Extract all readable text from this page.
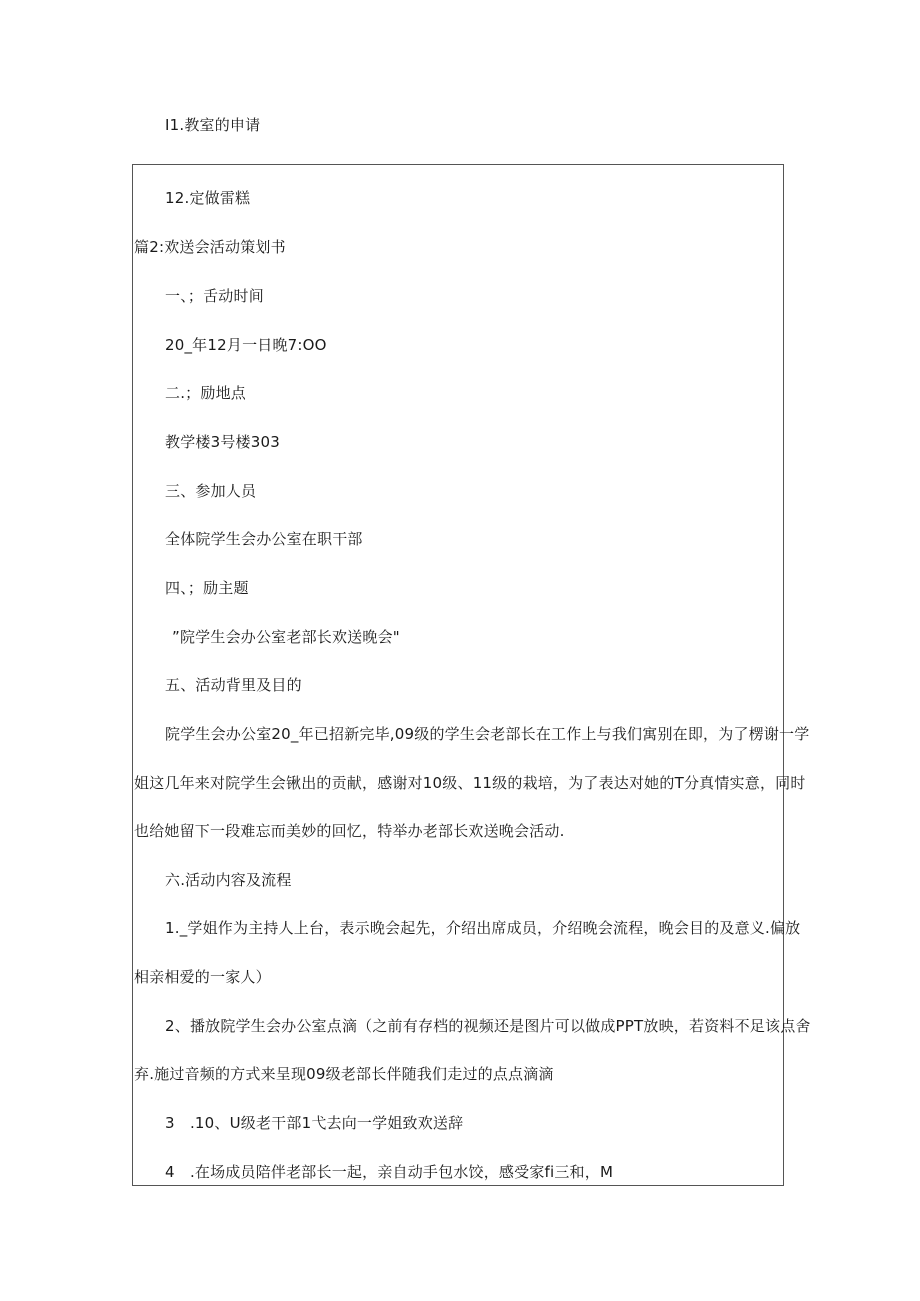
I1.教室的申请
12.定做雷糕
篇2:欢送会活动策划书
一、；舌动时间
20_年12月一日晚7:OO
二.；励地点
教学楼3号楼303
三、参加人员
全体院学生会办公室在职干部
四、；励主题
”院学生会办公室老部长欢送晚会"
五、活动背里及目的
院学生会办公室20_年已招新完毕,09级的学生会老部长在工作上与我们寓别在即，为了楞谢一学
姐这几年来对院学生会锹出的贡献，感谢对10级、11级的栽培，为了表达对她的T分真情实意，同时
也给她留下一段难忘而美妙的回忆，特举办老部长欢送晚会活动.
六.活动内容及流程
1._学姐作为主持人上台，表示晚会起先，介绍出席成员，介绍晚会流程，晚会目的及意义.偏放
相亲相爱的一家人）
2、播放院学生会办公室点滴（之前有存档的视频还是图片可以做成PPT放映，若资料不足该点舍
弃.施过音频的方式来呈现09级老部长伴随我们走过的点点滴滴
3　.10、U级老干部1弋去向一学姐致欢送辞
4　.在场成员陪伴老部长一起，亲自动手包水饺，感受家fi三和，M
